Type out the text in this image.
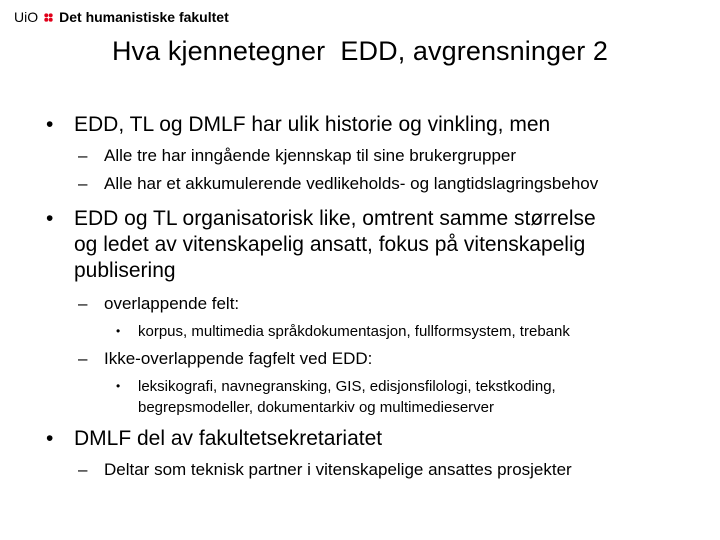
UiO Det humanistiske fakultet
Hva kjennetegner  EDD, avgrensninger 2
• EDD, TL og DMLF har ulik historie og vinkling, men
– Alle tre har inngående kjennskap til sine brukergrupper
– Alle har et akkumulerende vedlikeholds- og langtidslagringsbehov
• EDD og TL organisatorisk like, omtrent samme størrelse
og ledet av vitenskapelig ansatt, fokus på vitenskapelig
publisering
– overlappende felt:
•	korpus, multimedia språkdokumentasjon, fullformsystem, trebank
– Ikke-overlappende fagfelt ved EDD:
•	leksikografi, navnegransking, GIS, edisjonsfilologi, tekstkoding,
begrepsmodeller, dokumentarkiv og multimedieserver
• DMLF del av fakultetsekretariatet
– Deltar som teknisk partner i vitenskapelige ansattes prosjekter
